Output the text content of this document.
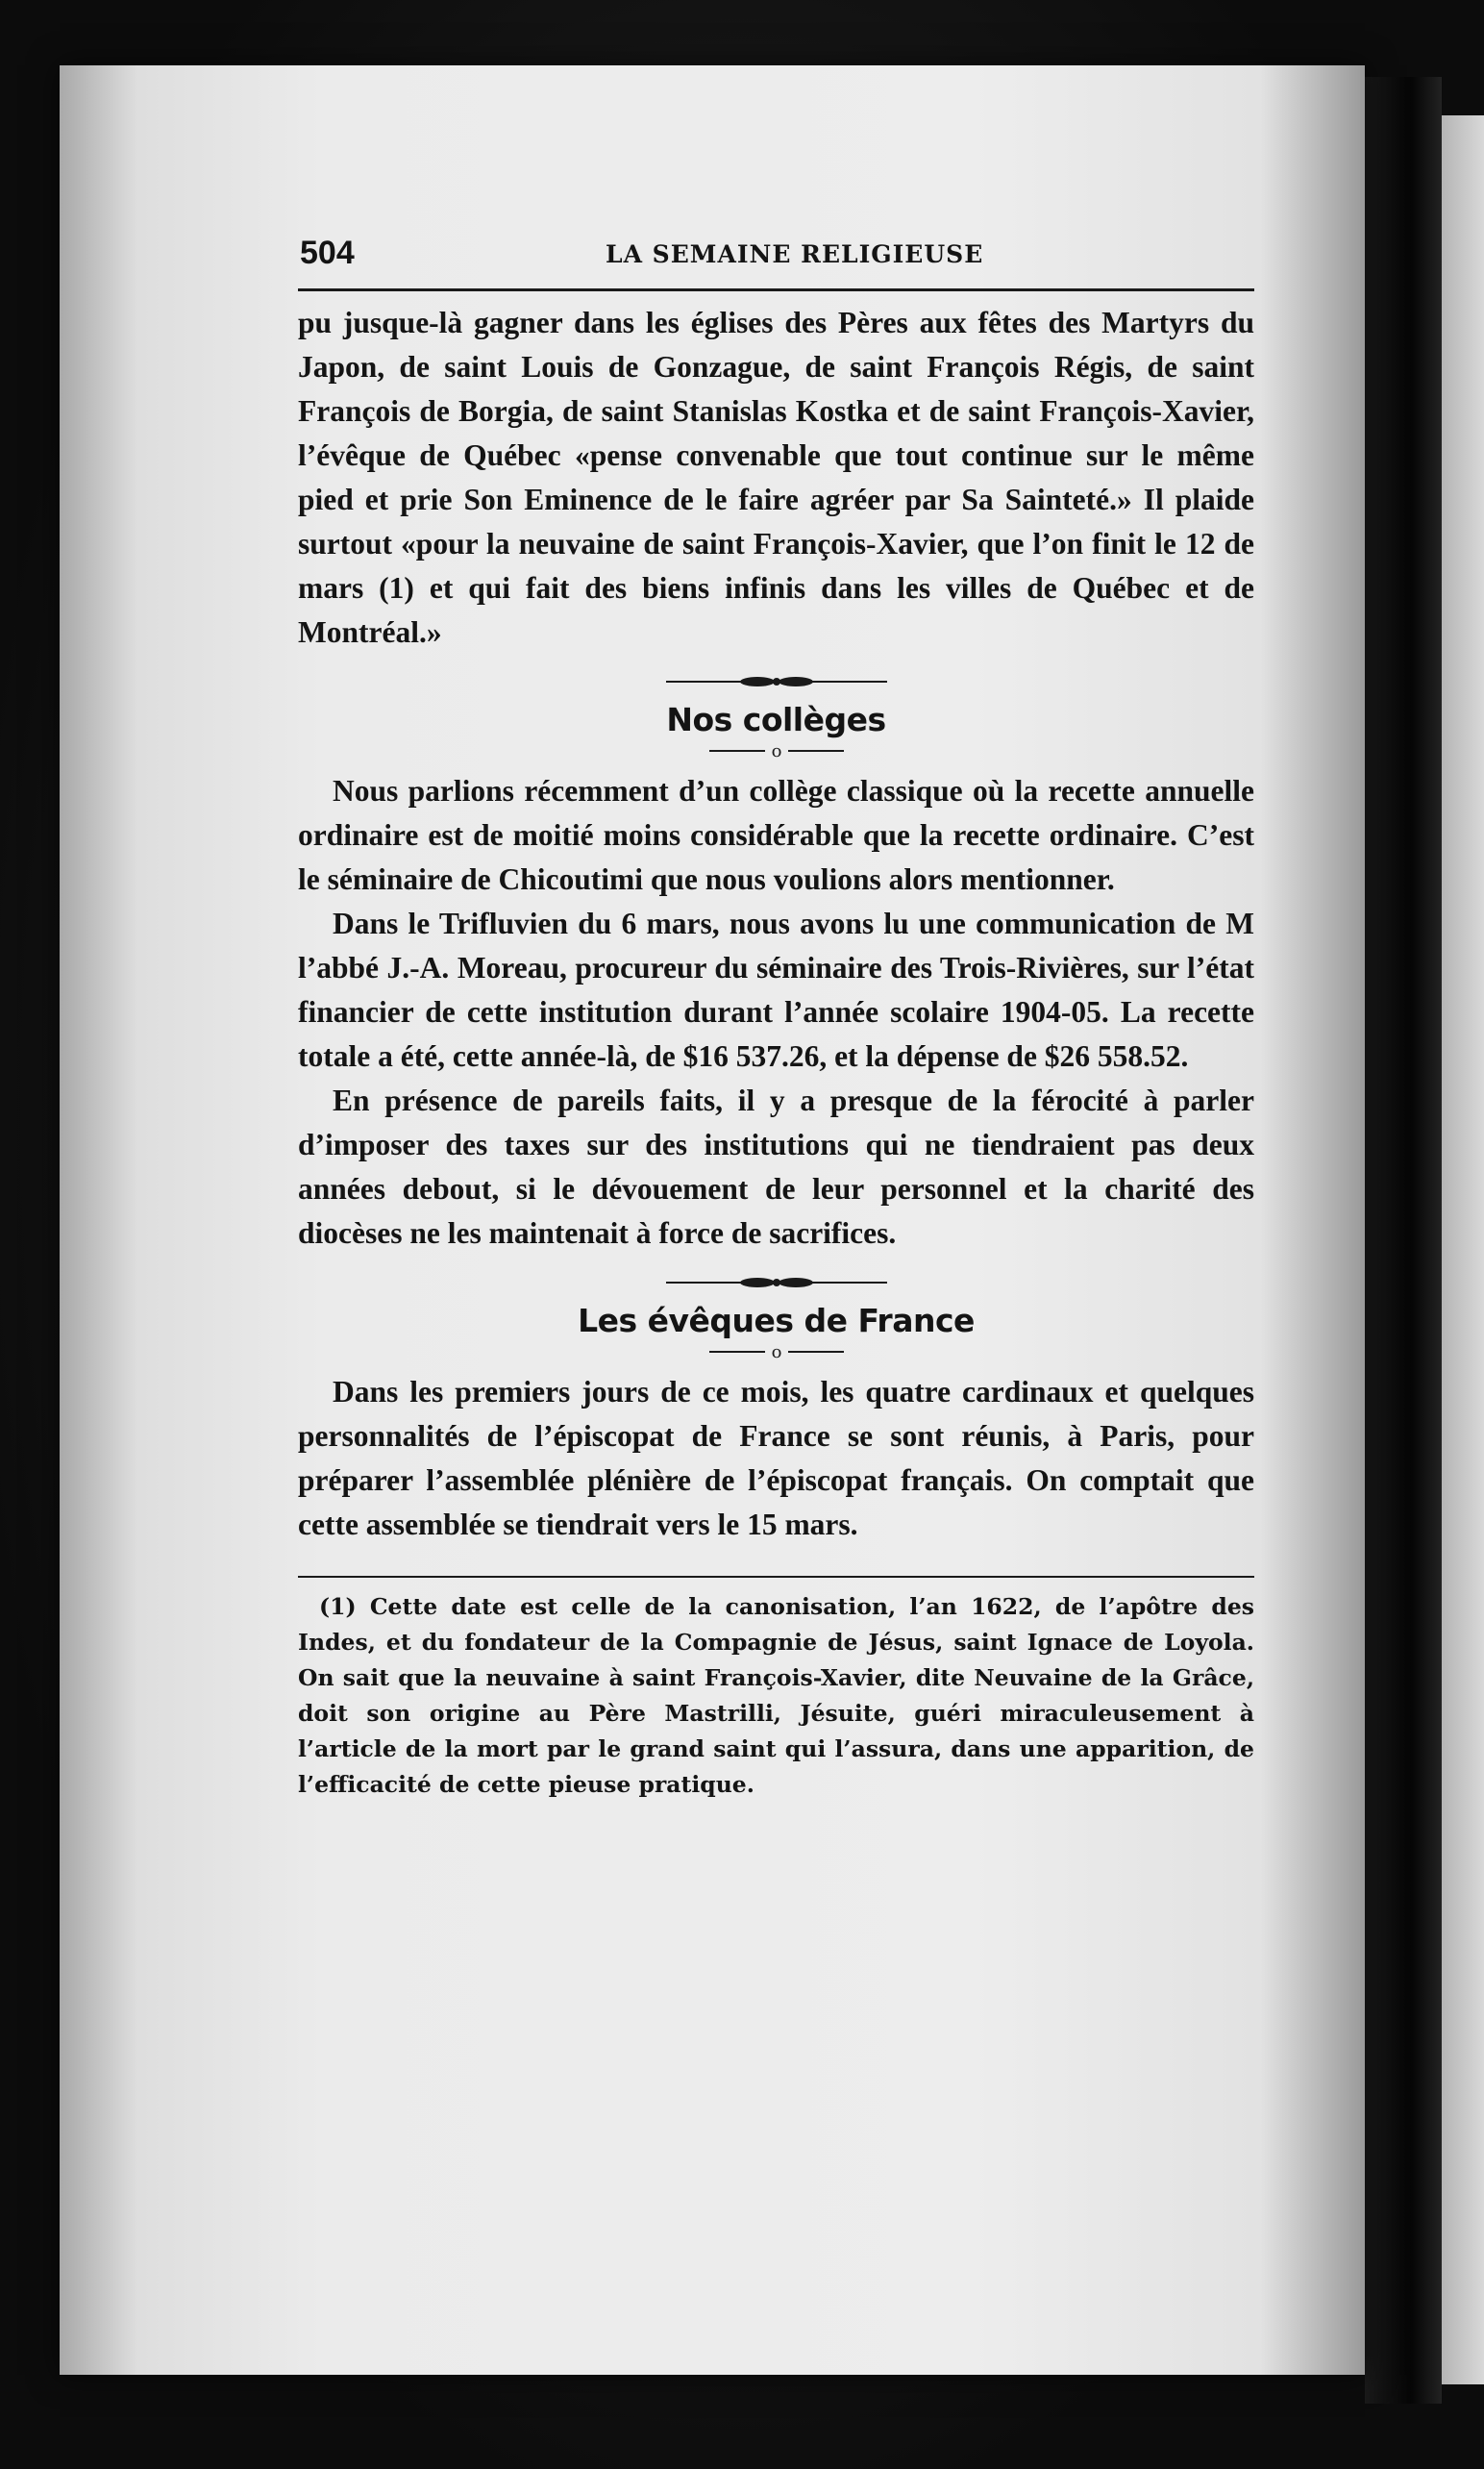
504	LA SEMAINE RELIGIEUSE

pu jusque-là gagner dans les églises des Pères aux fêtes des Martyrs du Japon, de saint Louis de Gonzague, de saint François Régis, de saint François de Borgia, de saint Stanislas Kostka et de saint François-Xavier, l’évêque de Québec «pense convenable que tout continue sur le même pied et prie Son Eminence de le faire agréer par Sa Sainteté.» Il plaide surtout «pour la neuvaine de saint François-Xavier, que l’on finit le 12 de mars (1) et qui fait des biens infinis dans les villes de Québec et de Montréal.»

Nos collèges
o

Nous parlions récemment d’un collège classique où la recette annuelle ordinaire est de moitié moins considérable que la recette ordinaire. C’est le séminaire de Chicoutimi que nous voulions alors mentionner.

Dans le Trifluvien du 6 mars, nous avons lu une communication de M l’abbé J.-A. Moreau, procureur du séminaire des Trois-Rivières, sur l’état financier de cette institution durant l’année scolaire 1904-05. La recette totale a été, cette année-là, de $16 537.26, et la dépense de $26 558.52.

En présence de pareils faits, il y a presque de la férocité à parler d’imposer des taxes sur des institutions qui ne tiendraient pas deux années debout, si le dévouement de leur personnel et la charité des diocèses ne les maintenait à force de sacrifices.

Les évêques de France
o

Dans les premiers jours de ce mois, les quatre cardinaux et quelques personnalités de l’épiscopat de France se sont réunis, à Paris, pour préparer l’assemblée plénière de l’épiscopat français. On comptait que cette assemblée se tiendrait vers le 15 mars.

(1) Cette date est celle de la canonisation, l’an 1622, de l’apôtre des Indes, et du fondateur de la Compagnie de Jésus, saint Ignace de Loyola. On sait que la neuvaine à saint François-Xavier, dite Neuvaine de la Grâce, doit son origine au Père Mastrilli, Jésuite, guéri miraculeusement à l’article de la mort par le grand saint qui l’assura, dans une apparition, de l’efficacité de cette pieuse pratique.
